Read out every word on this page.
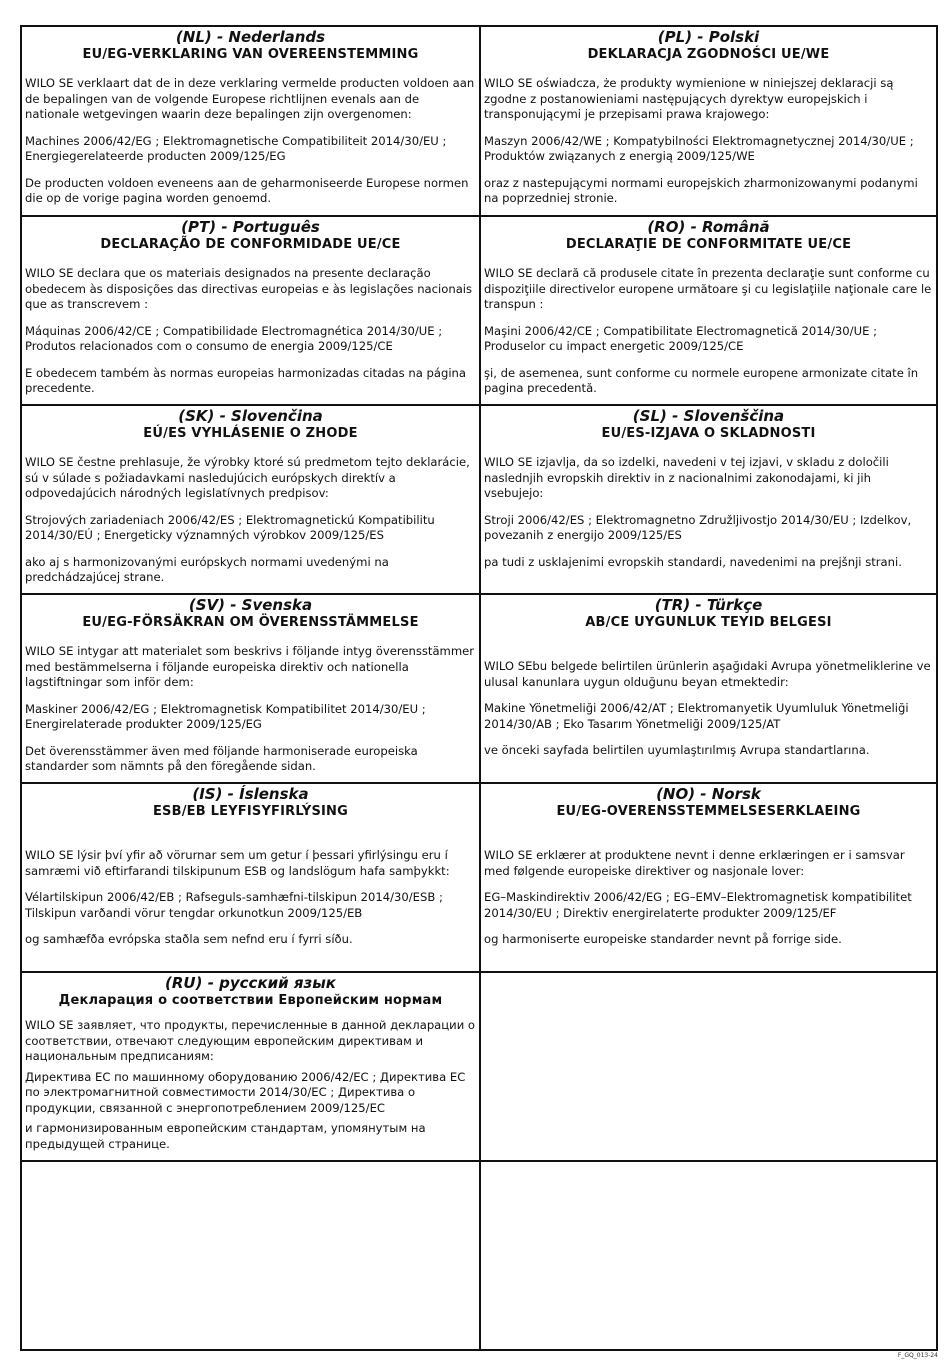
(NL) - Nederlands
EU/EG-VERKLARING VAN OVEREENSTEMMING

WILO SE verklaart dat de in deze verklaring vermelde producten voldoen aan de bepalingen van de volgende Europese richtlijnen evenals aan de nationale wetgevingen waarin deze bepalingen zijn overgenomen:

Machines 2006/42/EG ; Elektromagnetische Compatibiliteit 2014/30/EU ; Energiegerelateerde producten 2009/125/EG

De producten voldoen eveneens aan de geharmoniseerde Europese normen die op de vorige pagina worden genoemd.

(PL) - Polski
DEKLARACJA ZGODNOŚCI UE/WE

WILO SE oświadcza, że produkty wymienione w niniejszej deklaracji są zgodne z postanowieniami następujących dyrektyw europejskich i transponującymi je przepisami prawa krajowego:

Maszyn 2006/42/WE ; Kompatybilności Elektromagnetycznej 2014/30/UE ; Produktów związanych z energią 2009/125/WE

oraz z nastepującymi normami europejskich zharmonizowanymi podanymi na poprzedniej stronie.

(PT) - Português
DECLARAÇÃO DE CONFORMIDADE UE/CE

WILO SE declara que os materiais designados na presente declaração obedecem às disposições das directivas europeias e às legislações nacionais que as transcrevem :

Máquinas 2006/42/CE ; Compatibilidade Electromagnética 2014/30/UE ; Produtos relacionados com o consumo de energia 2009/125/CE

E obedecem também às normas europeias harmonizadas citadas na página precedente.

(RO) - Română
DECLARAŢIE DE CONFORMITATE UE/CE

WILO SE declară că produsele citate în prezenta declaraţie sunt conforme cu dispoziţiile directivelor europene următoare şi cu legislaţiile naţionale care le transpun :

Maşini 2006/42/CE ; Compatibilitate Electromagnetică 2014/30/UE ; Produselor cu impact energetic 2009/125/CE

şi, de asemenea, sunt conforme cu normele europene armonizate citate în pagina precedentă.

(SK) - Slovenčina
EÚ/ES VYHLÁSENIE O ZHODE

WILO SE čestne prehlasuje, že výrobky ktoré sú predmetom tejto deklarácie, sú v súlade s požiadavkami nasledujúcich európskych direktív a odpovedajúcich národných legislatívnych predpisov:

Strojových zariadeniach 2006/42/ES ; Elektromagnetickú Kompatibilitu 2014/30/EÚ ; Energeticky významných výrobkov 2009/125/ES

ako aj s harmonizovanými európskych normami uvedenými na predchádzajúcej strane.

(SL) - Slovenščina
EU/ES-IZJAVA O SKLADNOSTI

WILO SE izjavlja, da so izdelki, navedeni v tej izjavi, v skladu z določili naslednjih evropskih direktiv in z nacionalnimi zakonodajami, ki jih vsebujejo:

Stroji 2006/42/ES ; Elektromagnetno Združljivostjo 2014/30/EU ; Izdelkov, povezanih z energijo 2009/125/ES

pa tudi z usklajenimi evropskih standardi, navedenimi na prejšnji strani.

(SV) - Svenska
EU/EG-FÖRSÄKRAN OM ÖVERENSSTÄMMELSE

WILO SE intygar att materialet som beskrivs i följande intyg överensstämmer med bestämmelserna i följande europeiska direktiv och nationella lagstiftningar som inför dem:

Maskiner 2006/42/EG ; Elektromagnetisk Kompatibilitet 2014/30/EU ; Energirelaterade produkter 2009/125/EG

Det överensstämmer även med följande harmoniserade europeiska standarder som nämnts på den föregående sidan.

(TR) - Türkçe
AB/CE UYGUNLUK TEYID BELGESI

WILO SEbu belgede belirtilen ürünlerin aşağıdaki Avrupa yönetmeliklerine ve ulusal kanunlara uygun olduğunu beyan etmektedir:

Makine Yönetmeliği 2006/42/AT ; Elektromanyetik Uyumluluk Yönetmeliği 2014/30/AB ; Eko Tasarım Yönetmeliği 2009/125/AT

ve önceki sayfada belirtilen uyumlaştırılmış Avrupa standartlarına.

(IS) - Íslenska
ESB/EB LEYFISYFIRLÝSING

WILO SE lýsir því yfir að vörurnar sem um getur í þessari yfirlýsingu eru í samræmi við eftirfarandi tilskipunum ESB og landslögum hafa samþykkt:

Vélartilskipun 2006/42/EB ; Rafseguls-samhæfni-tilskipun 2014/30/ESB ; Tilskipun varðandi vörur tengdar orkunotkun 2009/125/EB

og samhæfða evrópska staðla sem nefnd eru í fyrri síðu.

(NO) - Norsk
EU/EG-OVERENSSTEMMELSESERKLAEING

WILO SE erklærer at produktene nevnt i denne erklæringen er i samsvar med følgende europeiske direktiver og nasjonale lover:

EG–Maskindirektiv 2006/42/EG ; EG–EMV–Elektromagnetisk kompatibilitet 2014/30/EU ; Direktiv energirelaterte produkter 2009/125/EF

og harmoniserte europeiske standarder nevnt på forrige side.

(RU) - русский язык
Декларация о соответствии Европейским нормам

WILO SE заявляет, что продукты, перечисленные в данной декларации о соответствии, отвечают следующим европейским директивам и национальным предписаниям:

Директива ЕС по машинному оборудованию 2006/42/ЕС ; Директива ЕС по электромагнитной совместимости 2014/30/ЕС ; Директива о продукции, связанной с энергопотреблением 2009/125/ЕС

и гармонизированным европейским стандартам, упомянутым на предыдущей странице.

F_GQ_013-24
